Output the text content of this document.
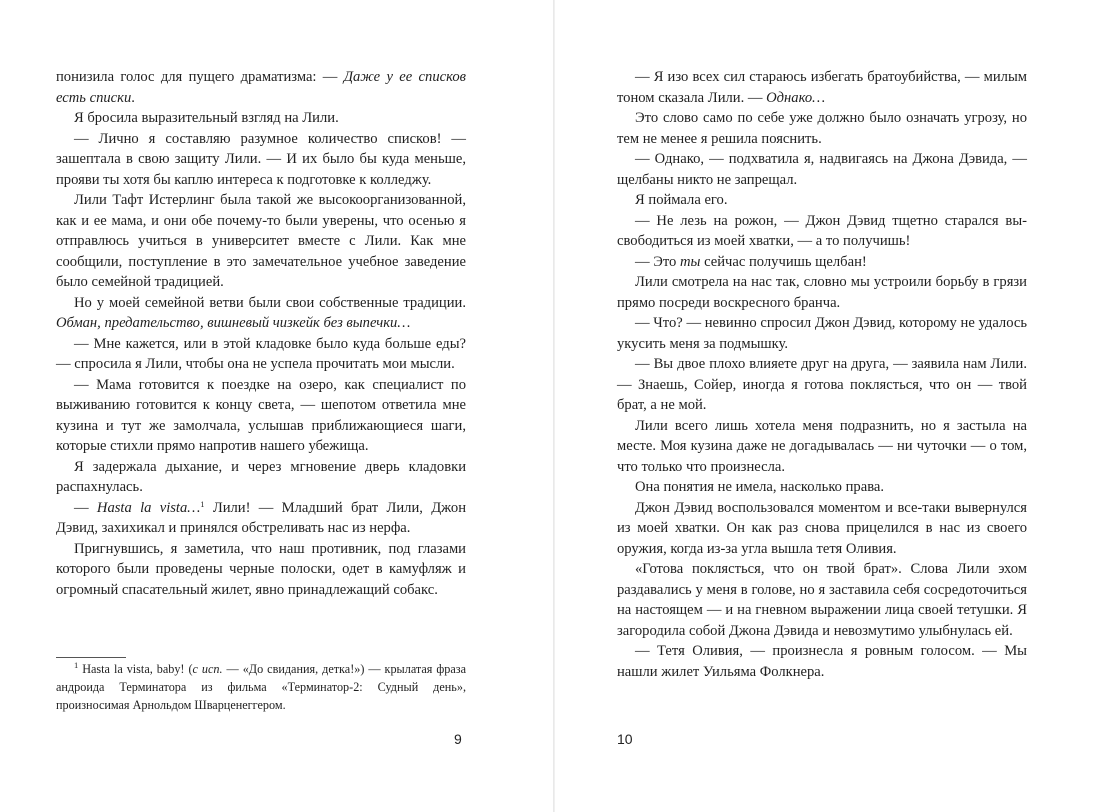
понизила голос для пущего драматизма: — Даже у ее списков есть списки.

Я бросила выразительный взгляд на Лили.

— Лично я составляю разумное количество списков! — зашептала в свою защиту Лили. — И их было бы куда меньше, прояви ты хотя бы каплю интереса к подготовке к колледжу.

Лили Тафт Истерлинг была такой же высокоорганизованной, как и ее мама, и они обе почему-то были уверены, что осенью я отправлюсь учиться в университет вместе с Лили. Как мне сообщили, поступление в это замечательное учебное заведение было семейной традицией.

Но у моей семейной ветви были свои собственные традиции. Обман, предательство, вишневый чизкейк без выпечки…

— Мне кажется, или в этой кладовке было куда больше еды? — спросила я Лили, чтобы она не успела прочитать мои мысли.

— Мама готовится к поездке на озеро, как специалист по выживанию готовится к концу света, — шепотом ответила мне кузина и тут же замолчала, услышав приближающиеся шаги, которые стихли прямо напротив нашего убежища.

Я задержала дыхание, и через мгновение дверь кладовки распахнулась.

— Hasta la vista…$^1$ Лили! — Младший брат Лили, Джон Дэвид, захихикал и принялся обстреливать нас из нерфа.

Пригнувшись, я заметила, что наш противник, под глазами которого были проведены черные полоски, одет в камуфляж и огромный спасательный жилет, явно принадлежащий собакс.

$^1$ Hasta la vista, baby! (с исп. — «До свидания, детка!») — крылатая фраза андроида Терминатора из фильма «Терминатор-2: Судный день», произносимая Арнольдом Шварценеггером.

9

— Я изо всех сил стараюсь избегать братоубийства, — милым тоном сказала Лили. — Однако…

Это слово само по себе уже должно было означать угрозу, но тем не менее я решила пояснить.

— Однако, — подхватила я, надвигаясь на Джона Дэвида, — щелбаны никто не запрещал.

Я поймала его.

— Не лезь на рожон, — Джон Дэвид тщетно старался высвободиться из моей хватки, — а то получишь!

— Это ты сейчас получишь щелбан!

Лили смотрела на нас так, словно мы устроили борьбу в грязи прямо посреди воскресного бранча.

— Что? — невинно спросил Джон Дэвид, которому не удалось укусить меня за подмышку.

— Вы двое плохо влияете друг на друга, — заявила нам Лили. — Знаешь, Сойер, иногда я готова поклясться, что он — твой брат, а не мой.

Лили всего лишь хотела меня подразнить, но я застыла на месте. Моя кузина даже не догадывалась — ни чуточки — о том, что только что произнесла.

Она понятия не имела, насколько права.

Джон Дэвид воспользовался моментом и все-таки вывернулся из моей хватки. Он как раз снова прицелился в нас из своего оружия, когда из-за угла вышла тетя Оливия.

«Готова поклясться, что он твой брат». Слова Лили эхом раздавались у меня в голове, но я заставила себя сосредоточиться на настоящем — и на гневном выражении лица своей тетушки. Я загородила собой Джона Дэвида и невозмутимо улыбнулась ей.

— Тетя Оливия, — произнесла я ровным голосом. — Мы нашли жилет Уильяма Фолкнера.

10
